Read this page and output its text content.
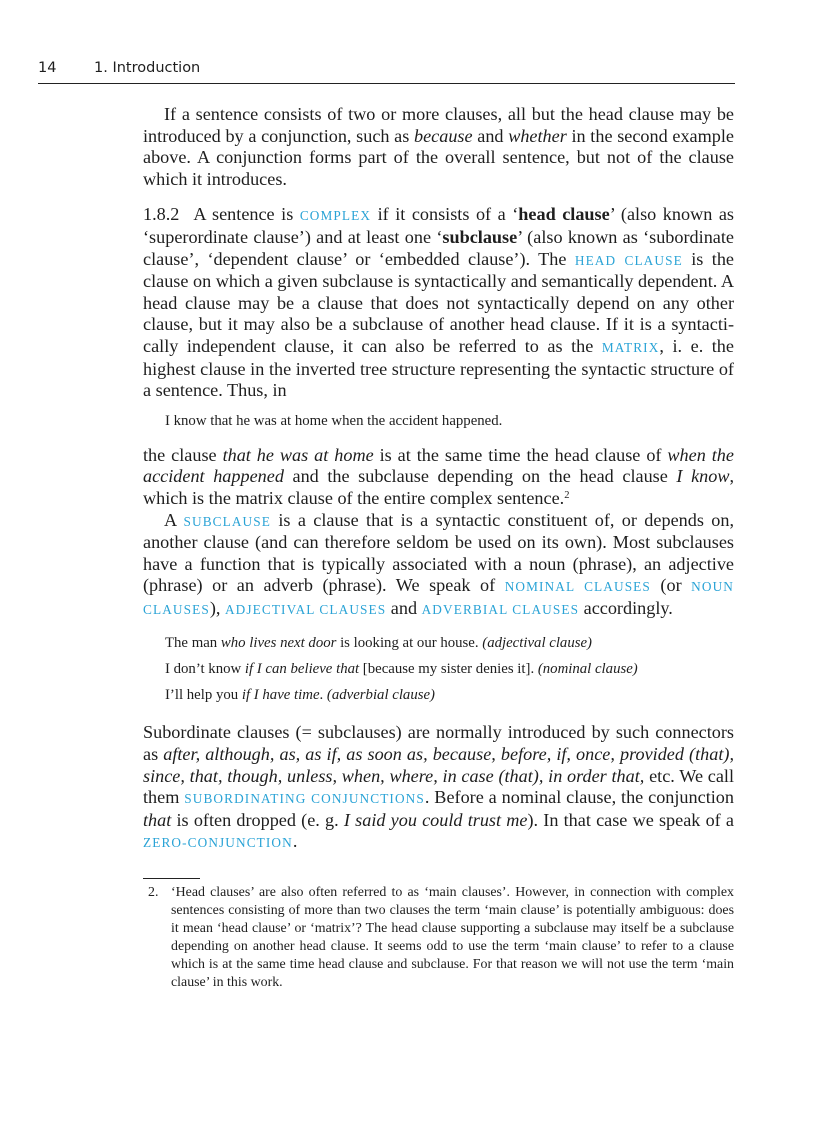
14	1. Introduction

If a sentence consists of two or more clauses, all but the head clause may be introduced by a conjunction, such as because and whether in the second example above. A conjunction forms part of the overall sentence, but not of the clause which it introduces.

1.8.2 A sentence is COMPLEX if it consists of a ‘head clause’ (also known as ‘superordinate clause’) and at least one ‘subclause’ (also known as ‘subordinate clause’, ‘dependent clause’ or ‘embedded clause’). The HEAD CLAUSE is the clause on which a given subclause is syntactically and semantically dependent. A head clause may be a clause that does not syntactically depend on any other clause, but it may also be a subclause of another head clause. If it is a syntactically independent clause, it can also be referred to as the MATRIX, i. e. the highest clause in the inverted tree structure representing the syntactic structure of a sentence. Thus, in

I know that he was at home when the accident happened.

the clause that he was at home is at the same time the head clause of when the accident happened and the subclause depending on the head clause I know, which is the matrix clause of the entire complex sentence.$^2$

A SUBCLAUSE is a clause that is a syntactic constituent of, or depends on, another clause (and can therefore seldom be used on its own). Most subclauses have a function that is typically associated with a noun (phrase), an adjective (phrase) or an adverb (phrase). We speak of NOMINAL CLAUSES (or NOUN CLAUSES), ADJECTIVAL CLAUSES and ADVERBIAL CLAUSES accordingly.

The man who lives next door is looking at our house. (adjectival clause)

I don’t know if I can believe that [because my sister denies it]. (nominal clause)

I’ll help you if I have time. (adverbial clause)

Subordinate clauses (= subclauses) are normally introduced by such connectors as after, although, as, as if, as soon as, because, before, if, once, provided (that), since, that, though, unless, when, where, in case (that), in order that, etc. We call them SUBORDINATING CONJUNCTIONS. Before a nominal clause, the conjunction that is often dropped (e. g. I said you could trust me). In that case we speak of a ZERO-CONJUNCTION.

2. ‘Head clauses’ are also often referred to as ‘main clauses’. However, in connection with complex sentences consisting of more than two clauses the term ‘main clause’ is potentially ambiguous: does it mean ‘head clause’ or ‘matrix’? The head clause supporting a subclause may itself be a subclause depending on another head clause. It seems odd to use the term ‘main clause’ to refer to a clause which is at the same time head clause and subclause. For that reason we will not use the term ‘main clause’ in this work.
